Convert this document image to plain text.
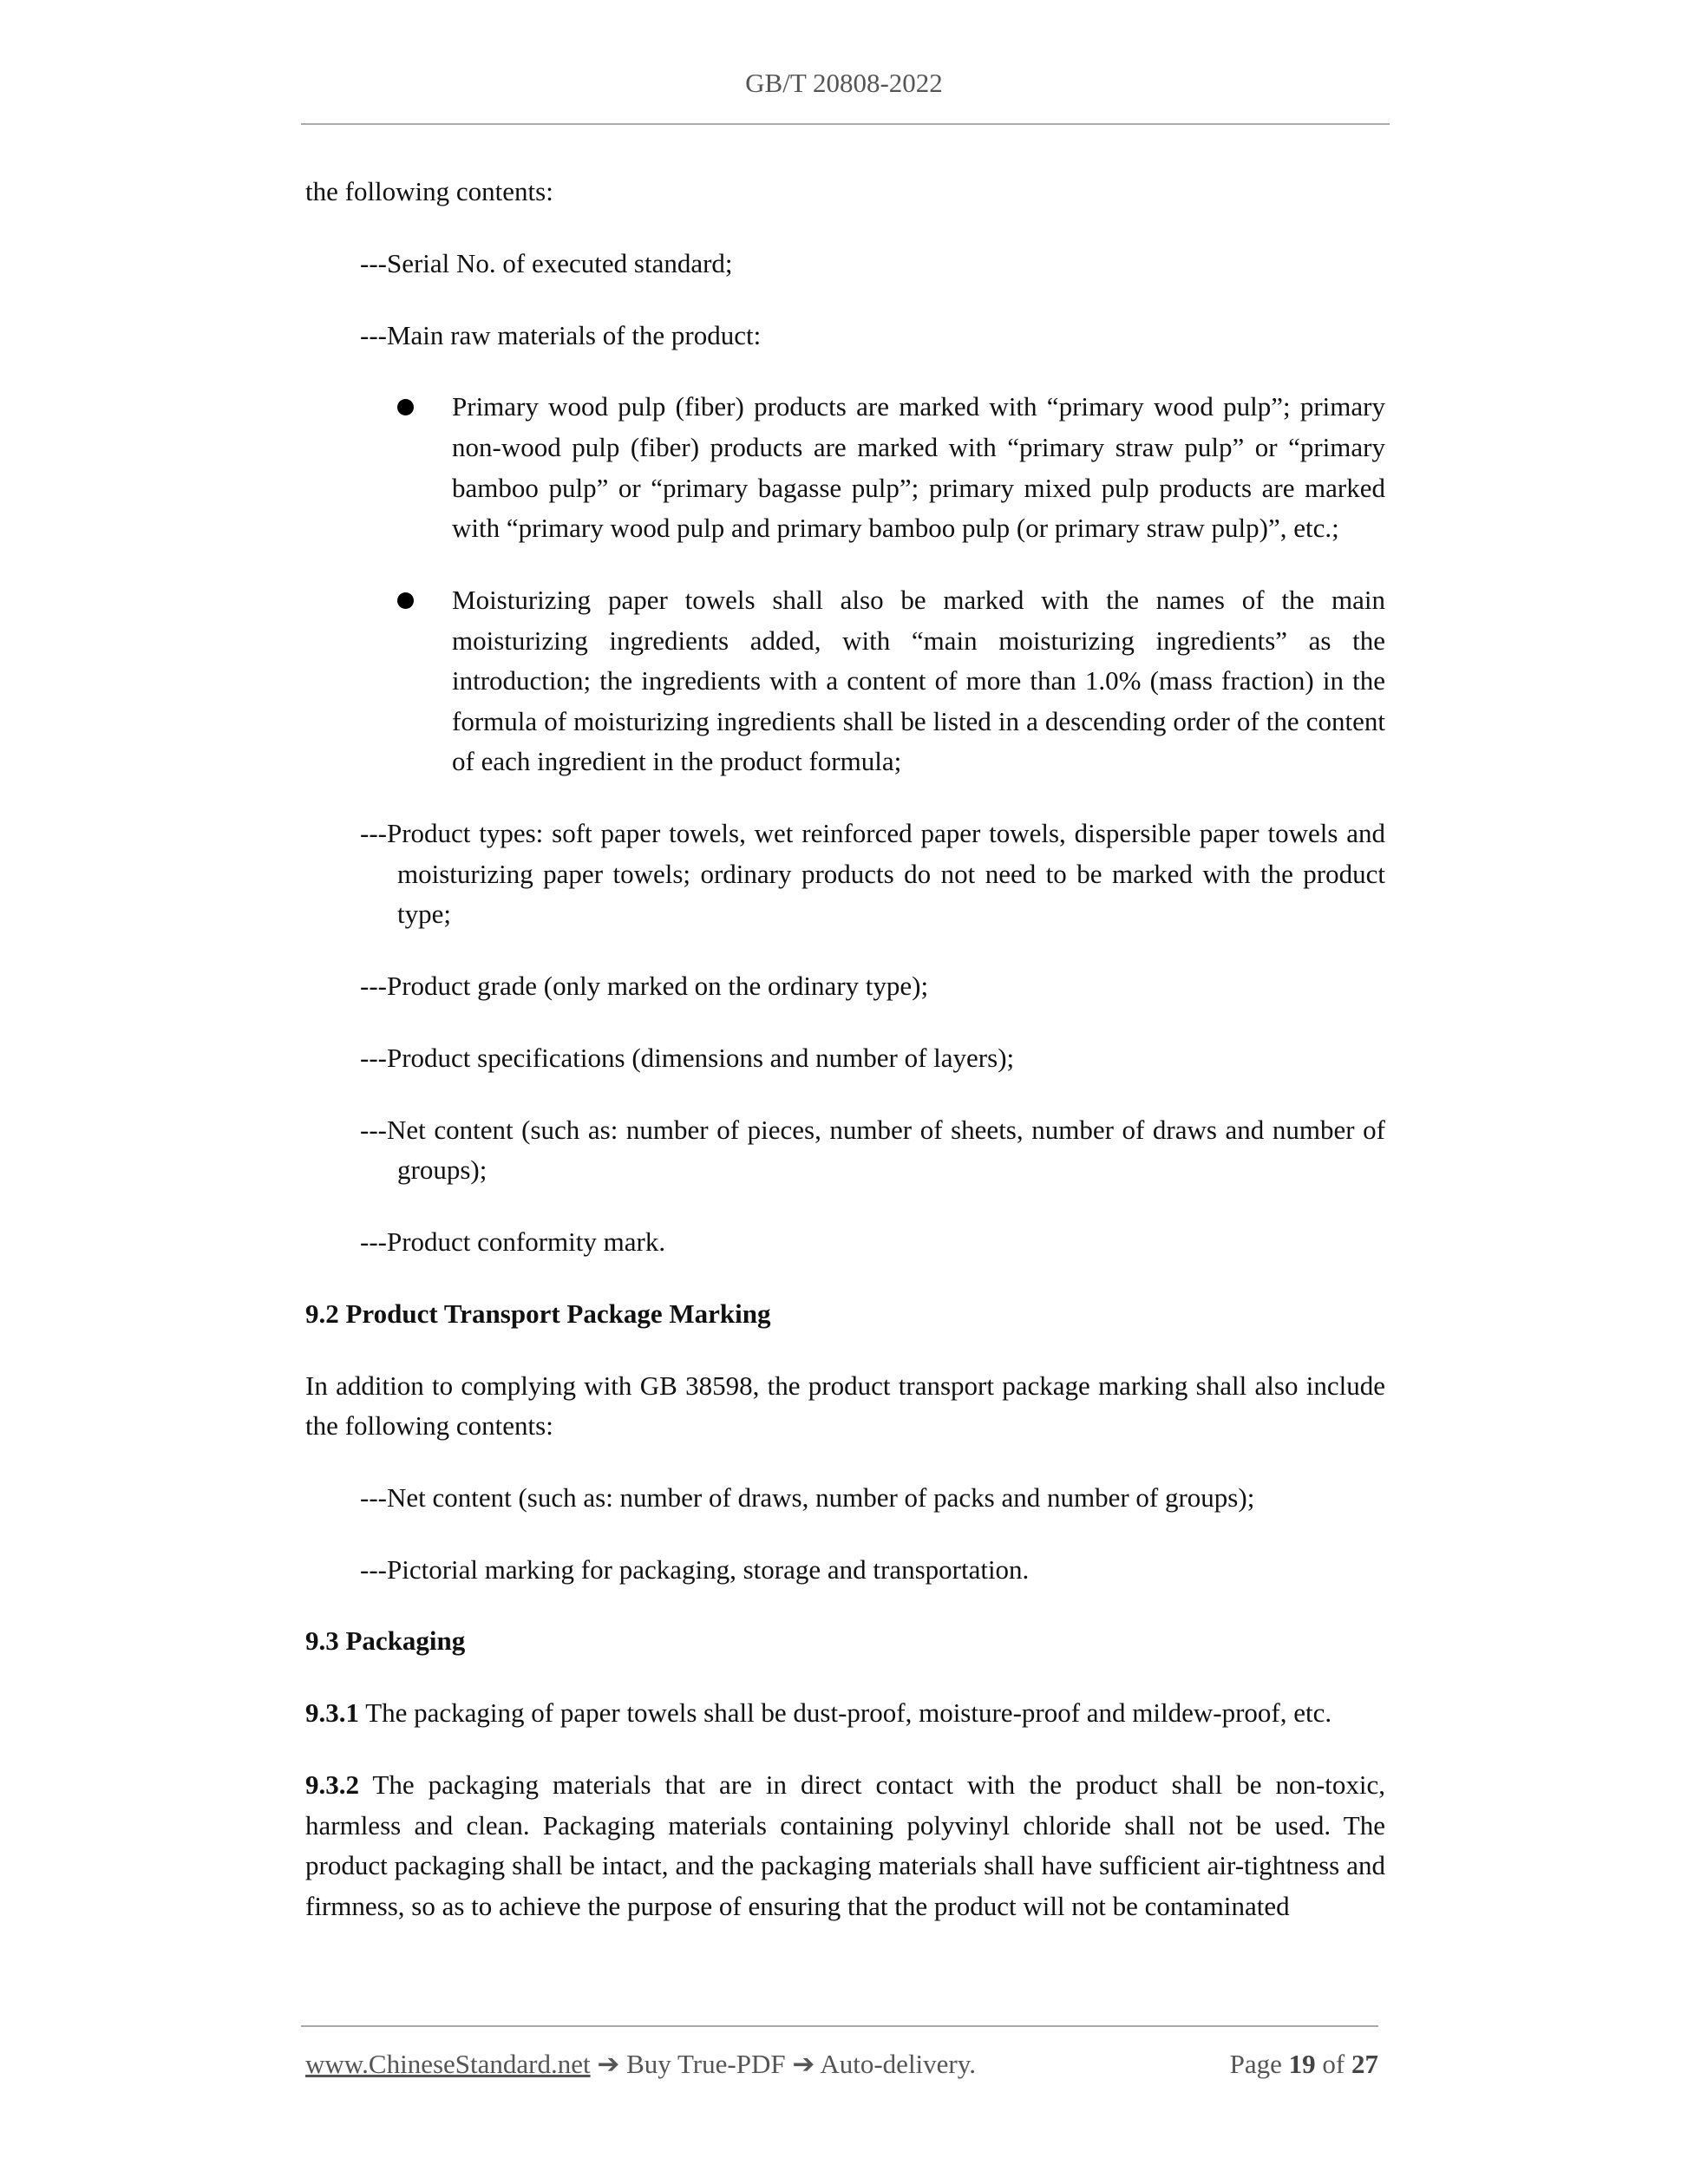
GB/T 20808-2022

the following contents:

---Serial No. of executed standard;

---Main raw materials of the product:

Primary wood pulp (fiber) products are marked with “primary wood pulp”; primary non-wood pulp (fiber) products are marked with “primary straw pulp” or “primary bamboo pulp” or “primary bagasse pulp”; primary mixed pulp products are marked with “primary wood pulp and primary bamboo pulp (or primary straw pulp)”, etc.;
Moisturizing paper towels shall also be marked with the names of the main moisturizing ingredients added, with “main moisturizing ingredients” as the introduction; the ingredients with a content of more than 1.0% (mass fraction) in the formula of moisturizing ingredients shall be listed in a descending order of the content of each ingredient in the product formula;

---Product types: soft paper towels, wet reinforced paper towels, dispersible paper towels and moisturizing paper towels; ordinary products do not need to be marked with the product type;

---Product grade (only marked on the ordinary type);

---Product specifications (dimensions and number of layers);

---Net content (such as: number of pieces, number of sheets, number of draws and number of groups);

---Product conformity mark.

9.2 Product Transport Package Marking

In addition to complying with GB 38598, the product transport package marking shall also include the following contents:

---Net content (such as: number of draws, number of packs and number of groups);

---Pictorial marking for packaging, storage and transportation.

9.3 Packaging

9.3.1 The packaging of paper towels shall be dust-proof, moisture-proof and mildew-proof, etc.

9.3.2 The packaging materials that are in direct contact with the product shall be non-toxic, harmless and clean. Packaging materials containing polyvinyl chloride shall not be used. The product packaging shall be intact, and the packaging materials shall have sufficient air-tightness and firmness, so as to achieve the purpose of ensuring that the product will not be contaminated

www.ChineseStandard.net ➔ Buy True-PDF ➔ Auto-delivery.	Page 19 of 27
